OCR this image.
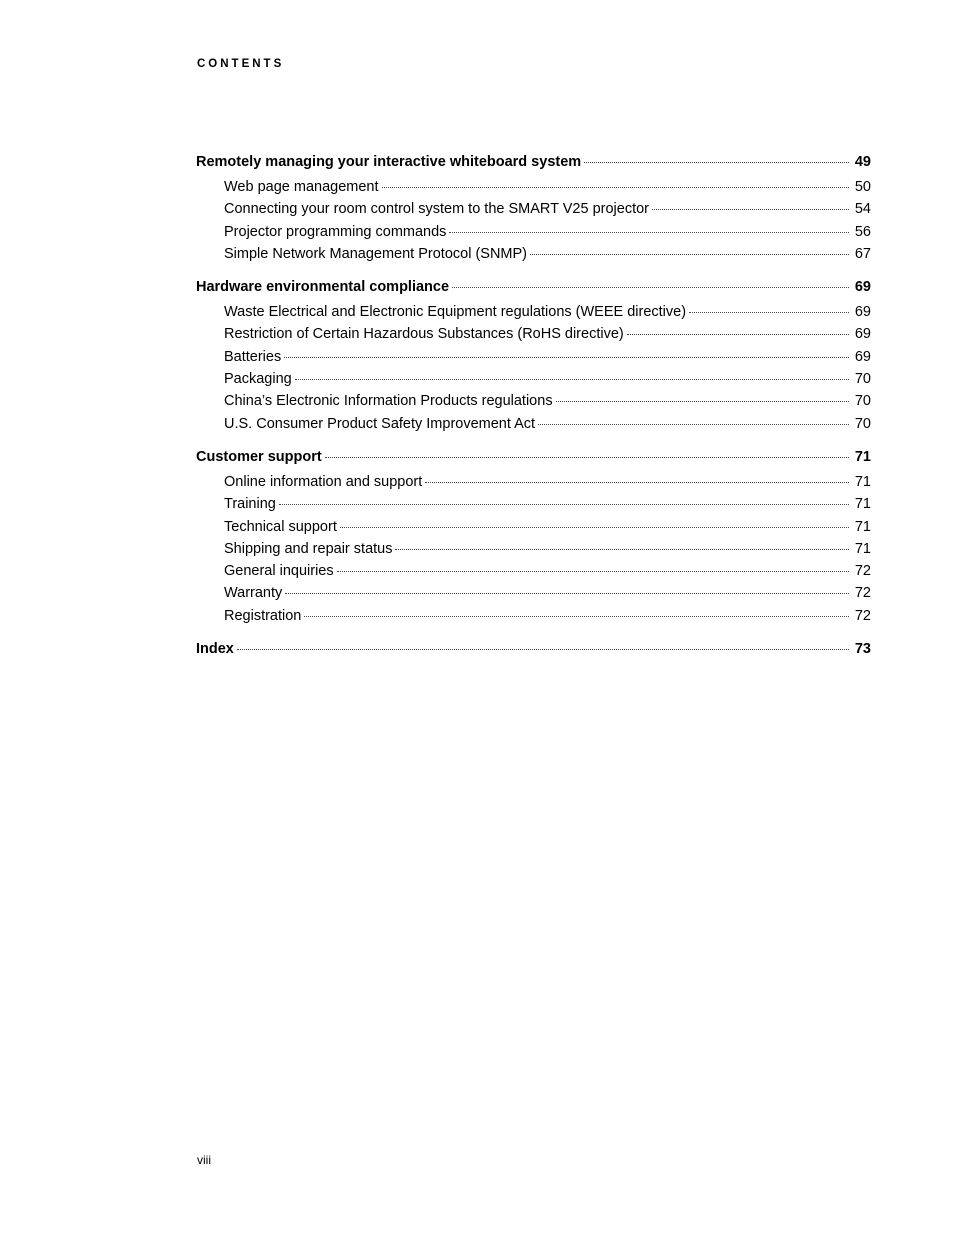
CONTENTS
Remotely managing your interactive whiteboard system	49
Web page management	50
Connecting your room control system to the SMART V25 projector	54
Projector programming commands	56
Simple Network Management Protocol (SNMP)	67
Hardware environmental compliance	69
Waste Electrical and Electronic Equipment regulations (WEEE directive)	69
Restriction of Certain Hazardous Substances (RoHS directive)	69
Batteries	69
Packaging	70
China’s Electronic Information Products regulations	70
U.S. Consumer Product Safety Improvement Act	70
Customer support	71
Online information and support	71
Training	71
Technical support	71
Shipping and repair status	71
General inquiries	72
Warranty	72
Registration	72
Index	73
viii
